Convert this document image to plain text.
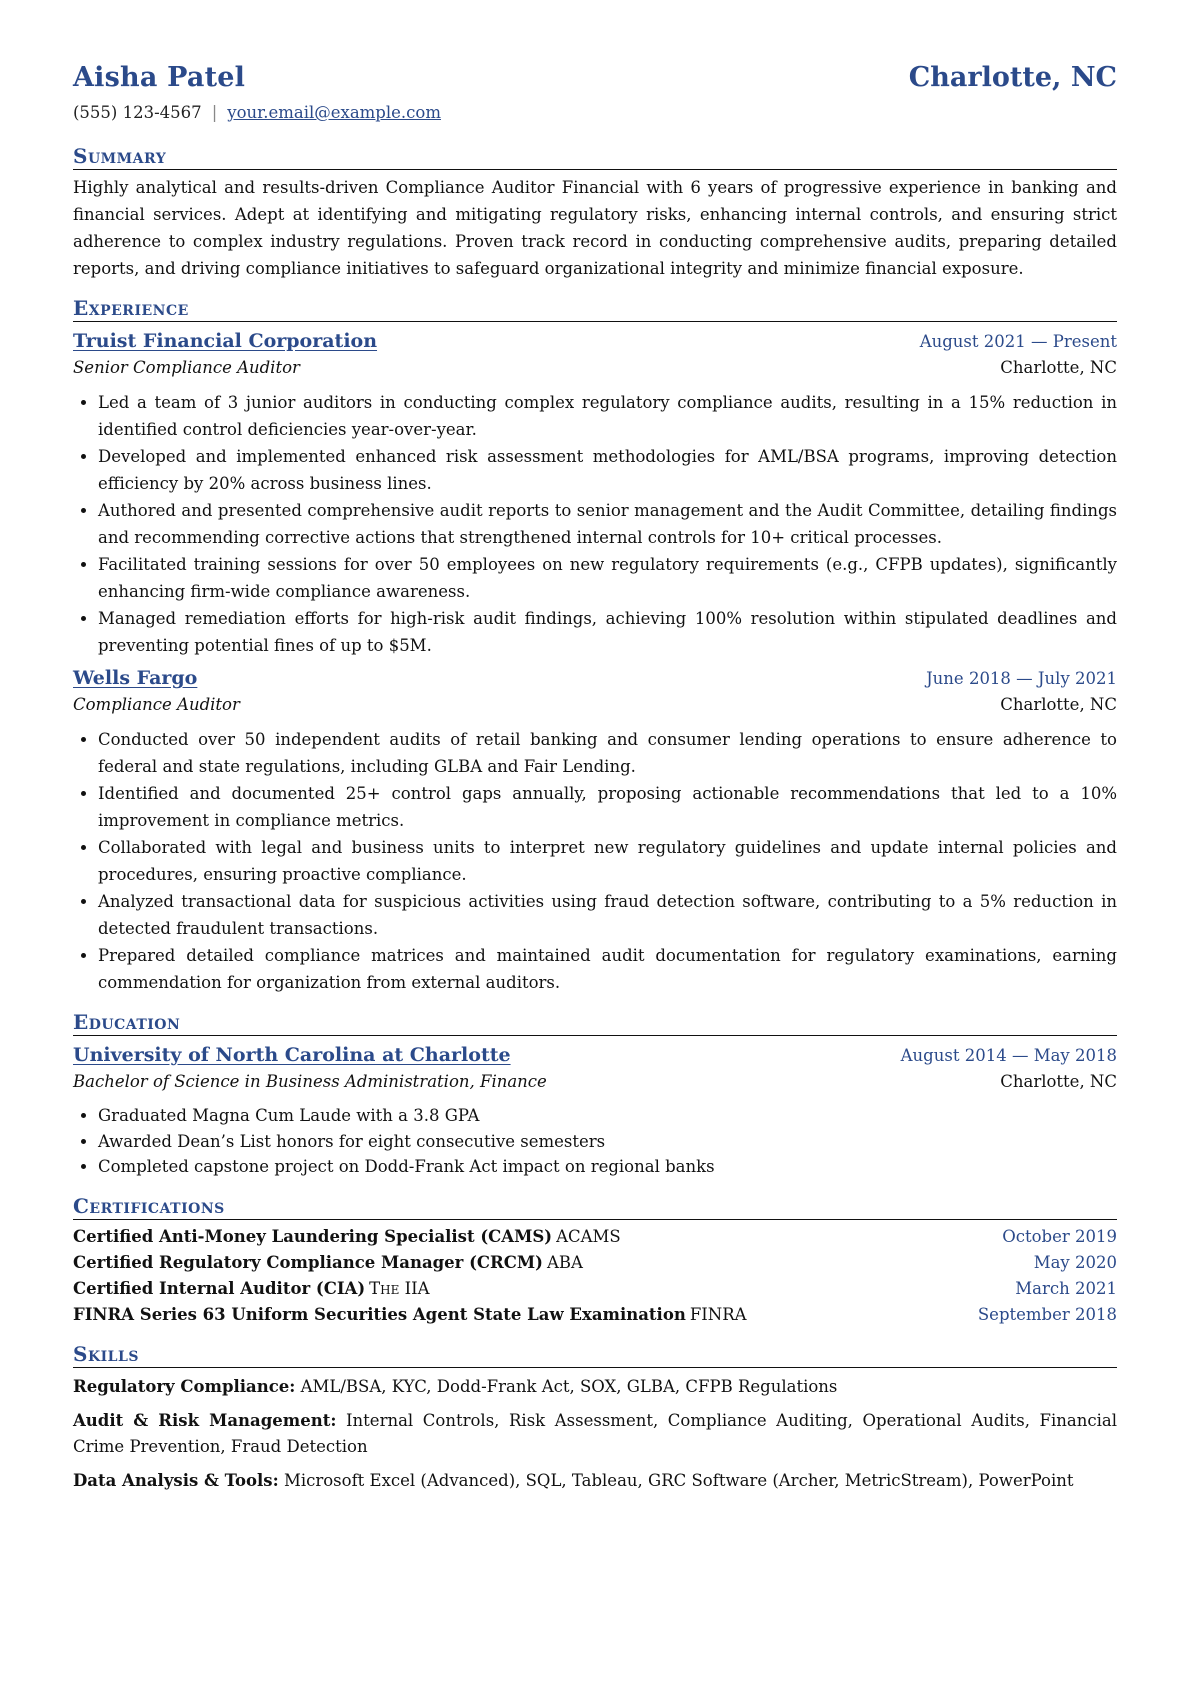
Aisha Patel	Charlotte, NC
(555) 123-4567 | your.email@example.com
Summary
Highly analytical and results-driven Compliance Auditor Financial with 6 years of progressive experience in banking and financial services. Adept at identifying and mitigating regulatory risks, enhancing internal controls, and ensuring strict adherence to complex industry regulations. Proven track record in conducting comprehensive audits, preparing detailed reports, and driving compliance initiatives to safeguard organizational integrity and minimize financial exposure.
Experience
Truist Financial Corporation	August 2021 — Present
Senior Compliance Auditor	Charlotte, NC
• Led a team of 3 junior auditors in conducting complex regulatory compliance audits, resulting in a 15% reduction in identified control deficiencies year-over-year.
• Developed and implemented enhanced risk assessment methodologies for AML/BSA programs, improving detection efficiency by 20% across business lines.
• Authored and presented comprehensive audit reports to senior management and the Audit Committee, detailing findings and recommending corrective actions that strengthened internal controls for 10+ critical processes.
• Facilitated training sessions for over 50 employees on new regulatory requirements (e.g., CFPB updates), significantly enhancing firm-wide compliance awareness.
• Managed remediation efforts for high-risk audit findings, achieving 100% resolution within stipulated deadlines and preventing potential fines of up to $5M.
Wells Fargo	June 2018 — July 2021
Compliance Auditor	Charlotte, NC
• Conducted over 50 independent audits of retail banking and consumer lending operations to ensure adherence to federal and state regulations, including GLBA and Fair Lending.
• Identified and documented 25+ control gaps annually, proposing actionable recommendations that led to a 10% improvement in compliance metrics.
• Collaborated with legal and business units to interpret new regulatory guidelines and update internal policies and procedures, ensuring proactive compliance.
• Analyzed transactional data for suspicious activities using fraud detection software, contributing to a 5% reduction in detected fraudulent transactions.
• Prepared detailed compliance matrices and maintained audit documentation for regulatory examinations, earning commendation for organization from external auditors.
Education
University of North Carolina at Charlotte	August 2014 — May 2018
Bachelor of Science in Business Administration, Finance	Charlotte, NC
• Graduated Magna Cum Laude with a 3.8 GPA
• Awarded Dean’s List honors for eight consecutive semesters
• Completed capstone project on Dodd-Frank Act impact on regional banks
Certifications
Certified Anti-Money Laundering Specialist (CAMS) ACAMS	October 2019
Certified Regulatory Compliance Manager (CRCM) ABA	May 2020
Certified Internal Auditor (CIA) The IIA	March 2021
FINRA Series 63 Uniform Securities Agent State Law Examination FINRA	September 2018
Skills
Regulatory Compliance: AML/BSA, KYC, Dodd-Frank Act, SOX, GLBA, CFPB Regulations
Audit & Risk Management: Internal Controls, Risk Assessment, Compliance Auditing, Operational Audits, Financial Crime Prevention, Fraud Detection
Data Analysis & Tools: Microsoft Excel (Advanced), SQL, Tableau, GRC Software (Archer, MetricStream), PowerPoint
